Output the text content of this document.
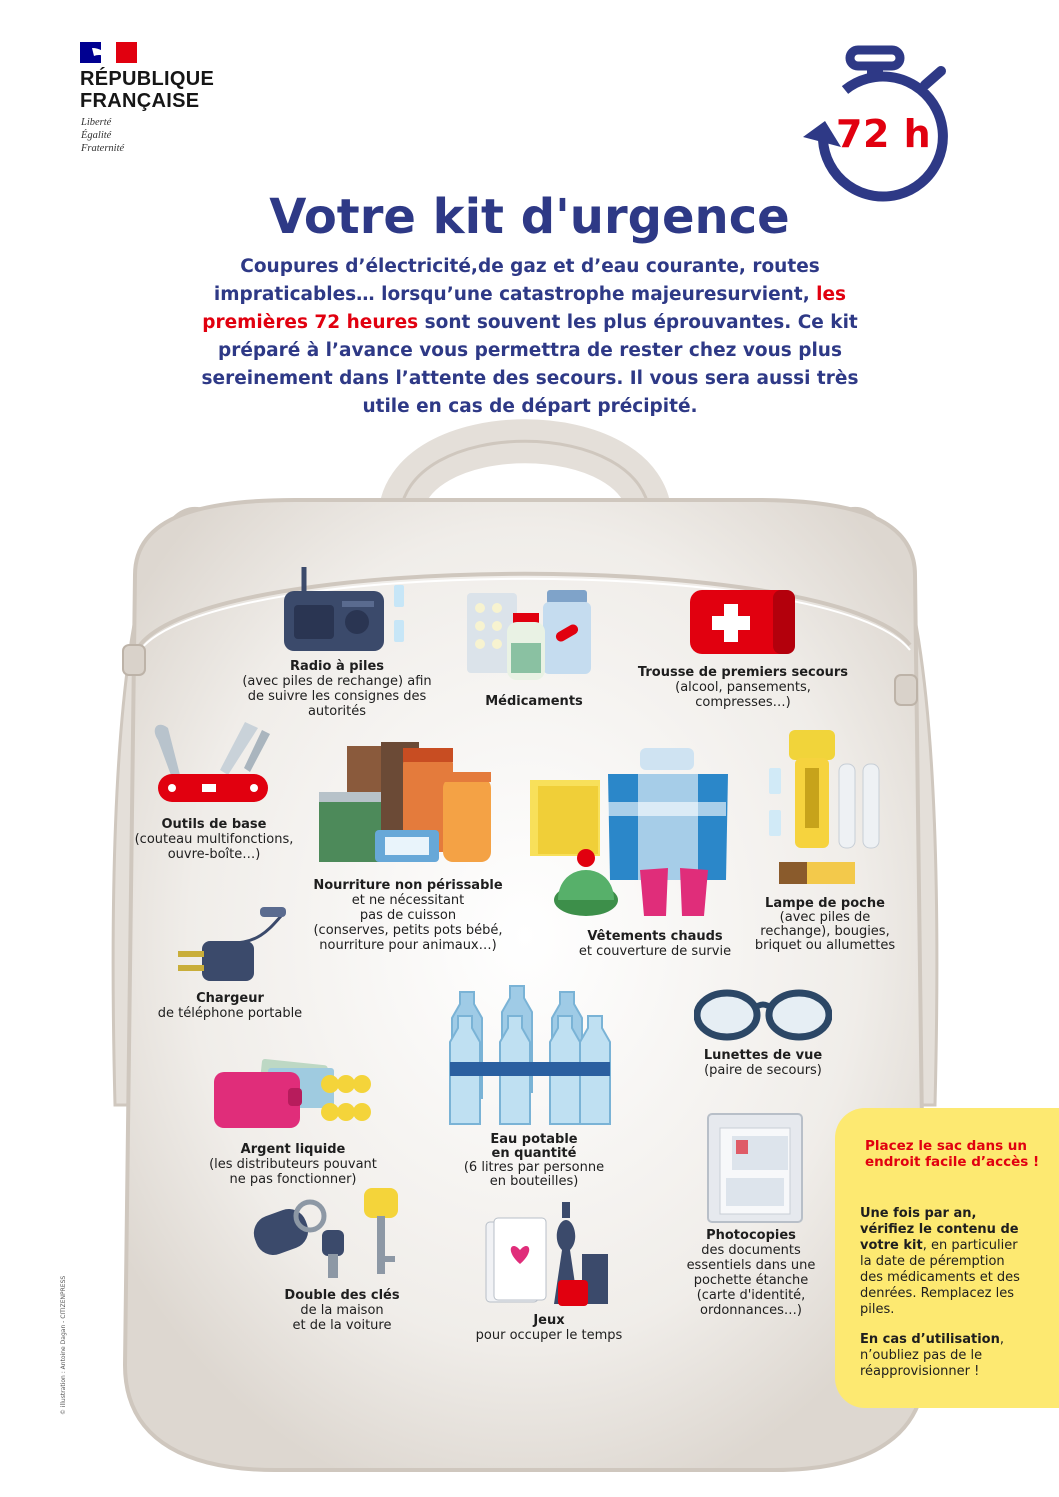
RÉPUBLIQUE
FRANÇAISE
Liberté
Égalité
Fraternité	72 h
Votre kit d'urgence
Coupures d’électricité,de gaz et d’eau courante, routes impraticables… lorsqu’une catastrophe majeuresurvient, les premières 72 heures sont souvent les plus éprouvantes. Ce kit préparé à l’avance vous permettra de rester chez vous plus sereinement dans l’attente des secours. Il vous sera aussi très utile en cas de départ précipité.
Radio à piles
(avec piles de rechange) afin
de suivre les consignes des
autorités
Médicaments
Trousse de premiers secours
(alcool, pansements,
compresses…)
Outils de base
(couteau multifonctions,
ouvre-boîte…)
Nourriture non périssable
et ne nécessitant
pas de cuisson
(conserves, petits pots bébé,
nourriture pour animaux…)
Vêtements chauds
et couverture de survie
Lampe de poche
(avec piles de
rechange), bougies,
briquet ou allumettes
Chargeur
de téléphone portable
Lunettes de vue
(paire de secours)
Argent liquide
(les distributeurs pouvant
ne pas fonctionner)
Eau potable
en quantité
(6 litres par personne
en bouteilles)
Photocopies
des documents
essentiels dans une
pochette étanche
(carte d'identité,
ordonnances…)
Double des clés
de la maison
et de la voiture	Jeux
pour occuper le temps
Placez le sac dans un endroit facile d’accès !

Une fois par an, vérifiez le contenu de votre kit, en particulier la date de péremption des médicaments et des denrées. Remplacez les piles.

En cas d’utilisation, n’oubliez pas de le réapprovisionner !

© illustration : Antoine Dagan - CITIZENPRESS
